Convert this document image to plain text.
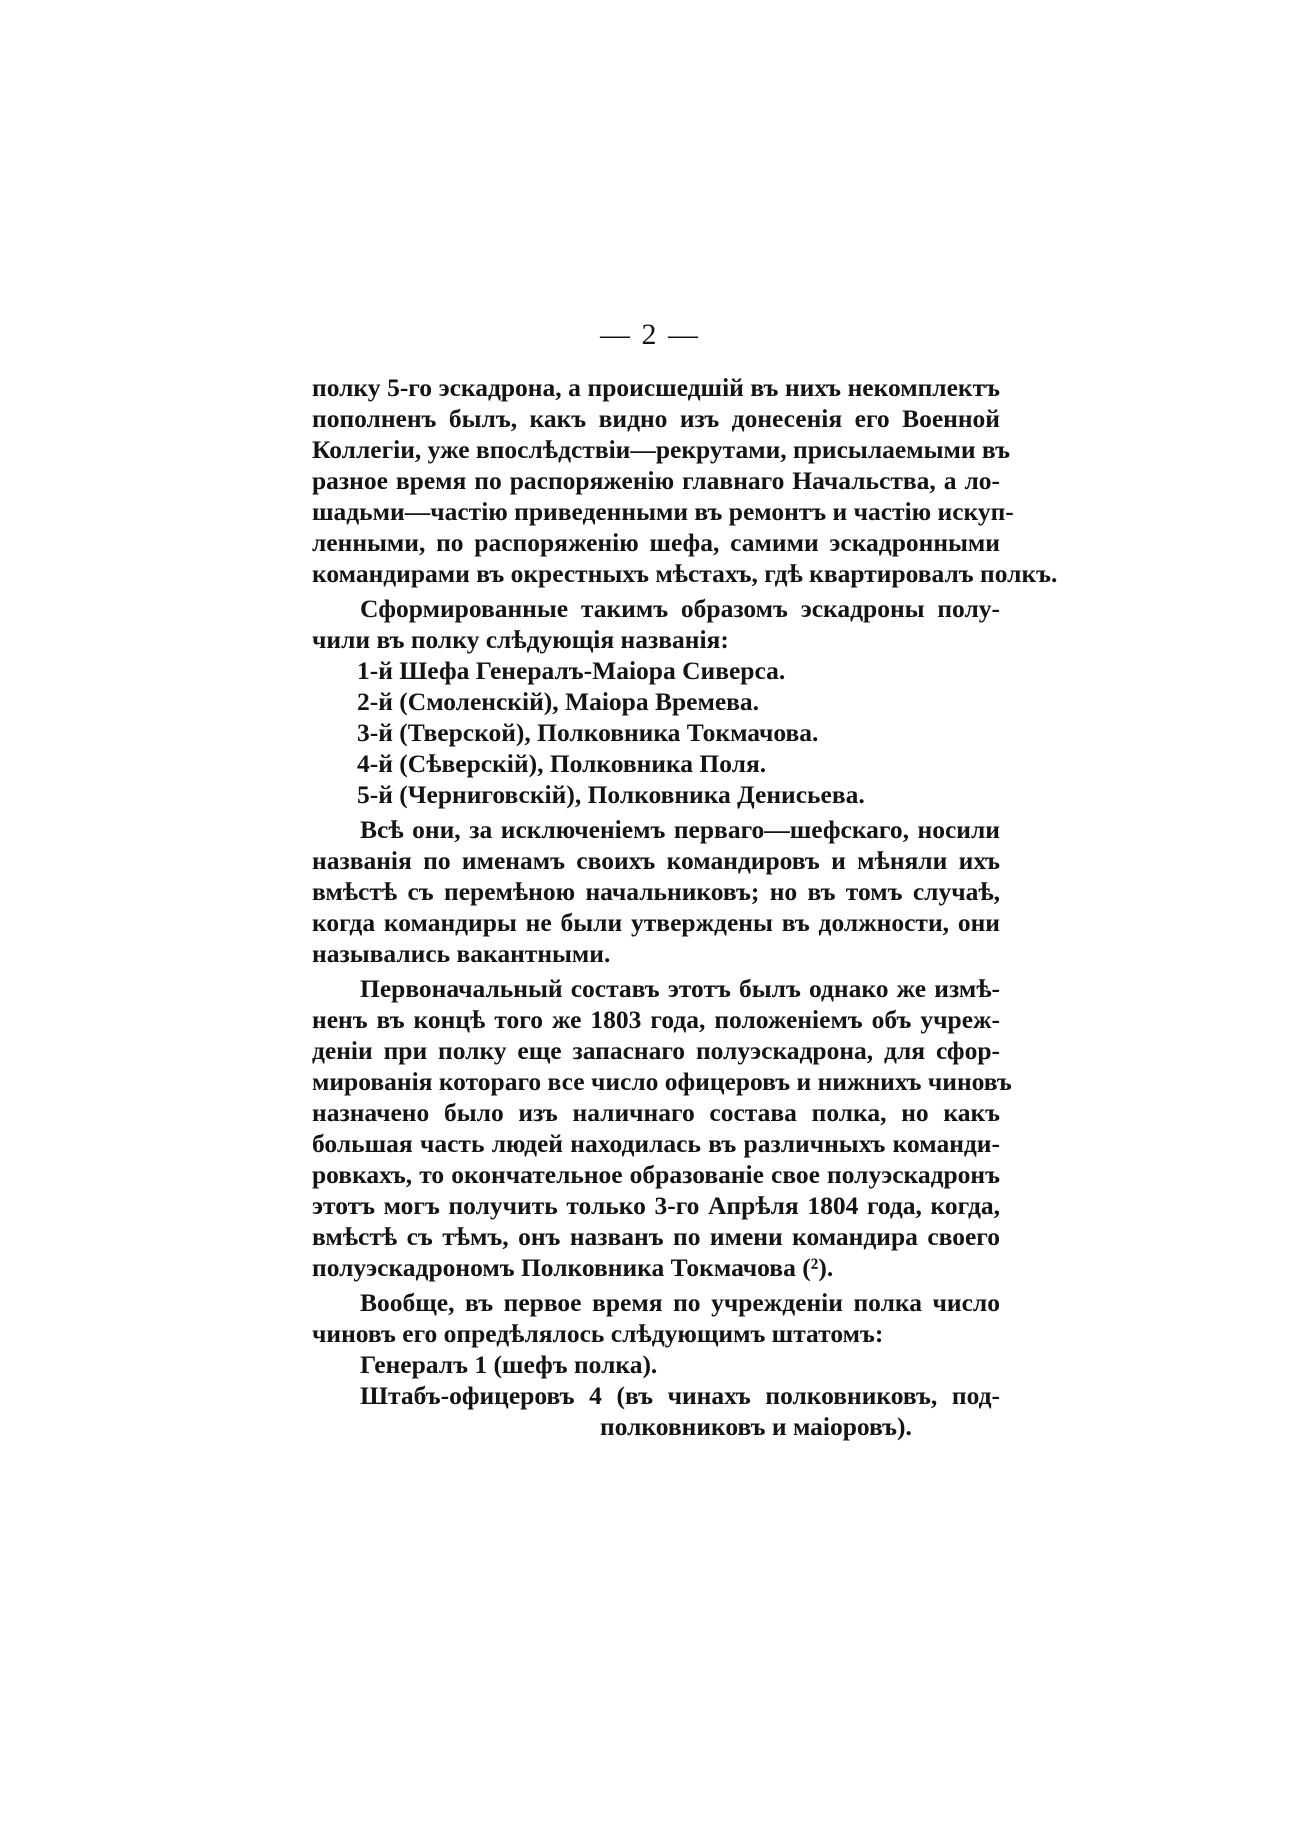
— 2 —
полку 5-го эскадрона, а происшедшій въ нихъ некомплектъ
пополненъ былъ, какъ видно изъ донесенія его Военной
Коллегіи, уже впослѣдствіи—рекрутами, присылаемыми въ
разное время по распоряженію главнаго Начальства, а ло-
шадьми—частію приведенными въ ремонтъ и частію искуп-
ленными, по распоряженію шефа, самими эскадронными
командирами въ окрестныхъ мѣстахъ, гдѣ квартировалъ полкъ.
Сформированные такимъ образомъ эскадроны полу-
чили въ полку слѣдующія названія:
1-й Шефа Генералъ-Маіора Сиверса.
2-й (Смоленскій), Маіора Времева.
3-й (Тверской), Полковника Токмачова.
4-й (Сѣверскій), Полковника Поля.
5-й (Черниговскій), Полковника Денисьева.
Всѣ они, за исключеніемъ перваго—шефскаго, носили
названія по именамъ своихъ командировъ и мѣняли ихъ
вмѣстѣ съ перемѣною начальниковъ; но въ томъ случаѣ,
когда командиры не были утверждены въ должности, они
назывались вакантными.
Первоначальный составъ этотъ былъ однако же измѣ-
ненъ въ концѣ того же 1803 года, положеніемъ объ учреж-
деніи при полку еще запаснаго полуэскадрона, для сфор-
мированія котораго все число офицеровъ и нижнихъ чиновъ
назначено было изъ наличнаго состава полка, но какъ
большая часть людей находилась въ различныхъ команди-
ровкахъ, то окончательное образованіе свое полуэскадронъ
этотъ могъ получить только 3-го Апрѣля 1804 года, когда,
вмѣстѣ съ тѣмъ, онъ названъ по имени командира своего
полуэскадрономъ Полковника Токмачова (²).
Вообще, въ первое время по учрежденіи полка число
чиновъ его опредѣлялось слѣдующимъ штатомъ:
Генералъ 1 (шефъ полка).
Штабъ-офицеровъ 4 (въ чинахъ полковниковъ, под-
полковниковъ и маіоровъ).
